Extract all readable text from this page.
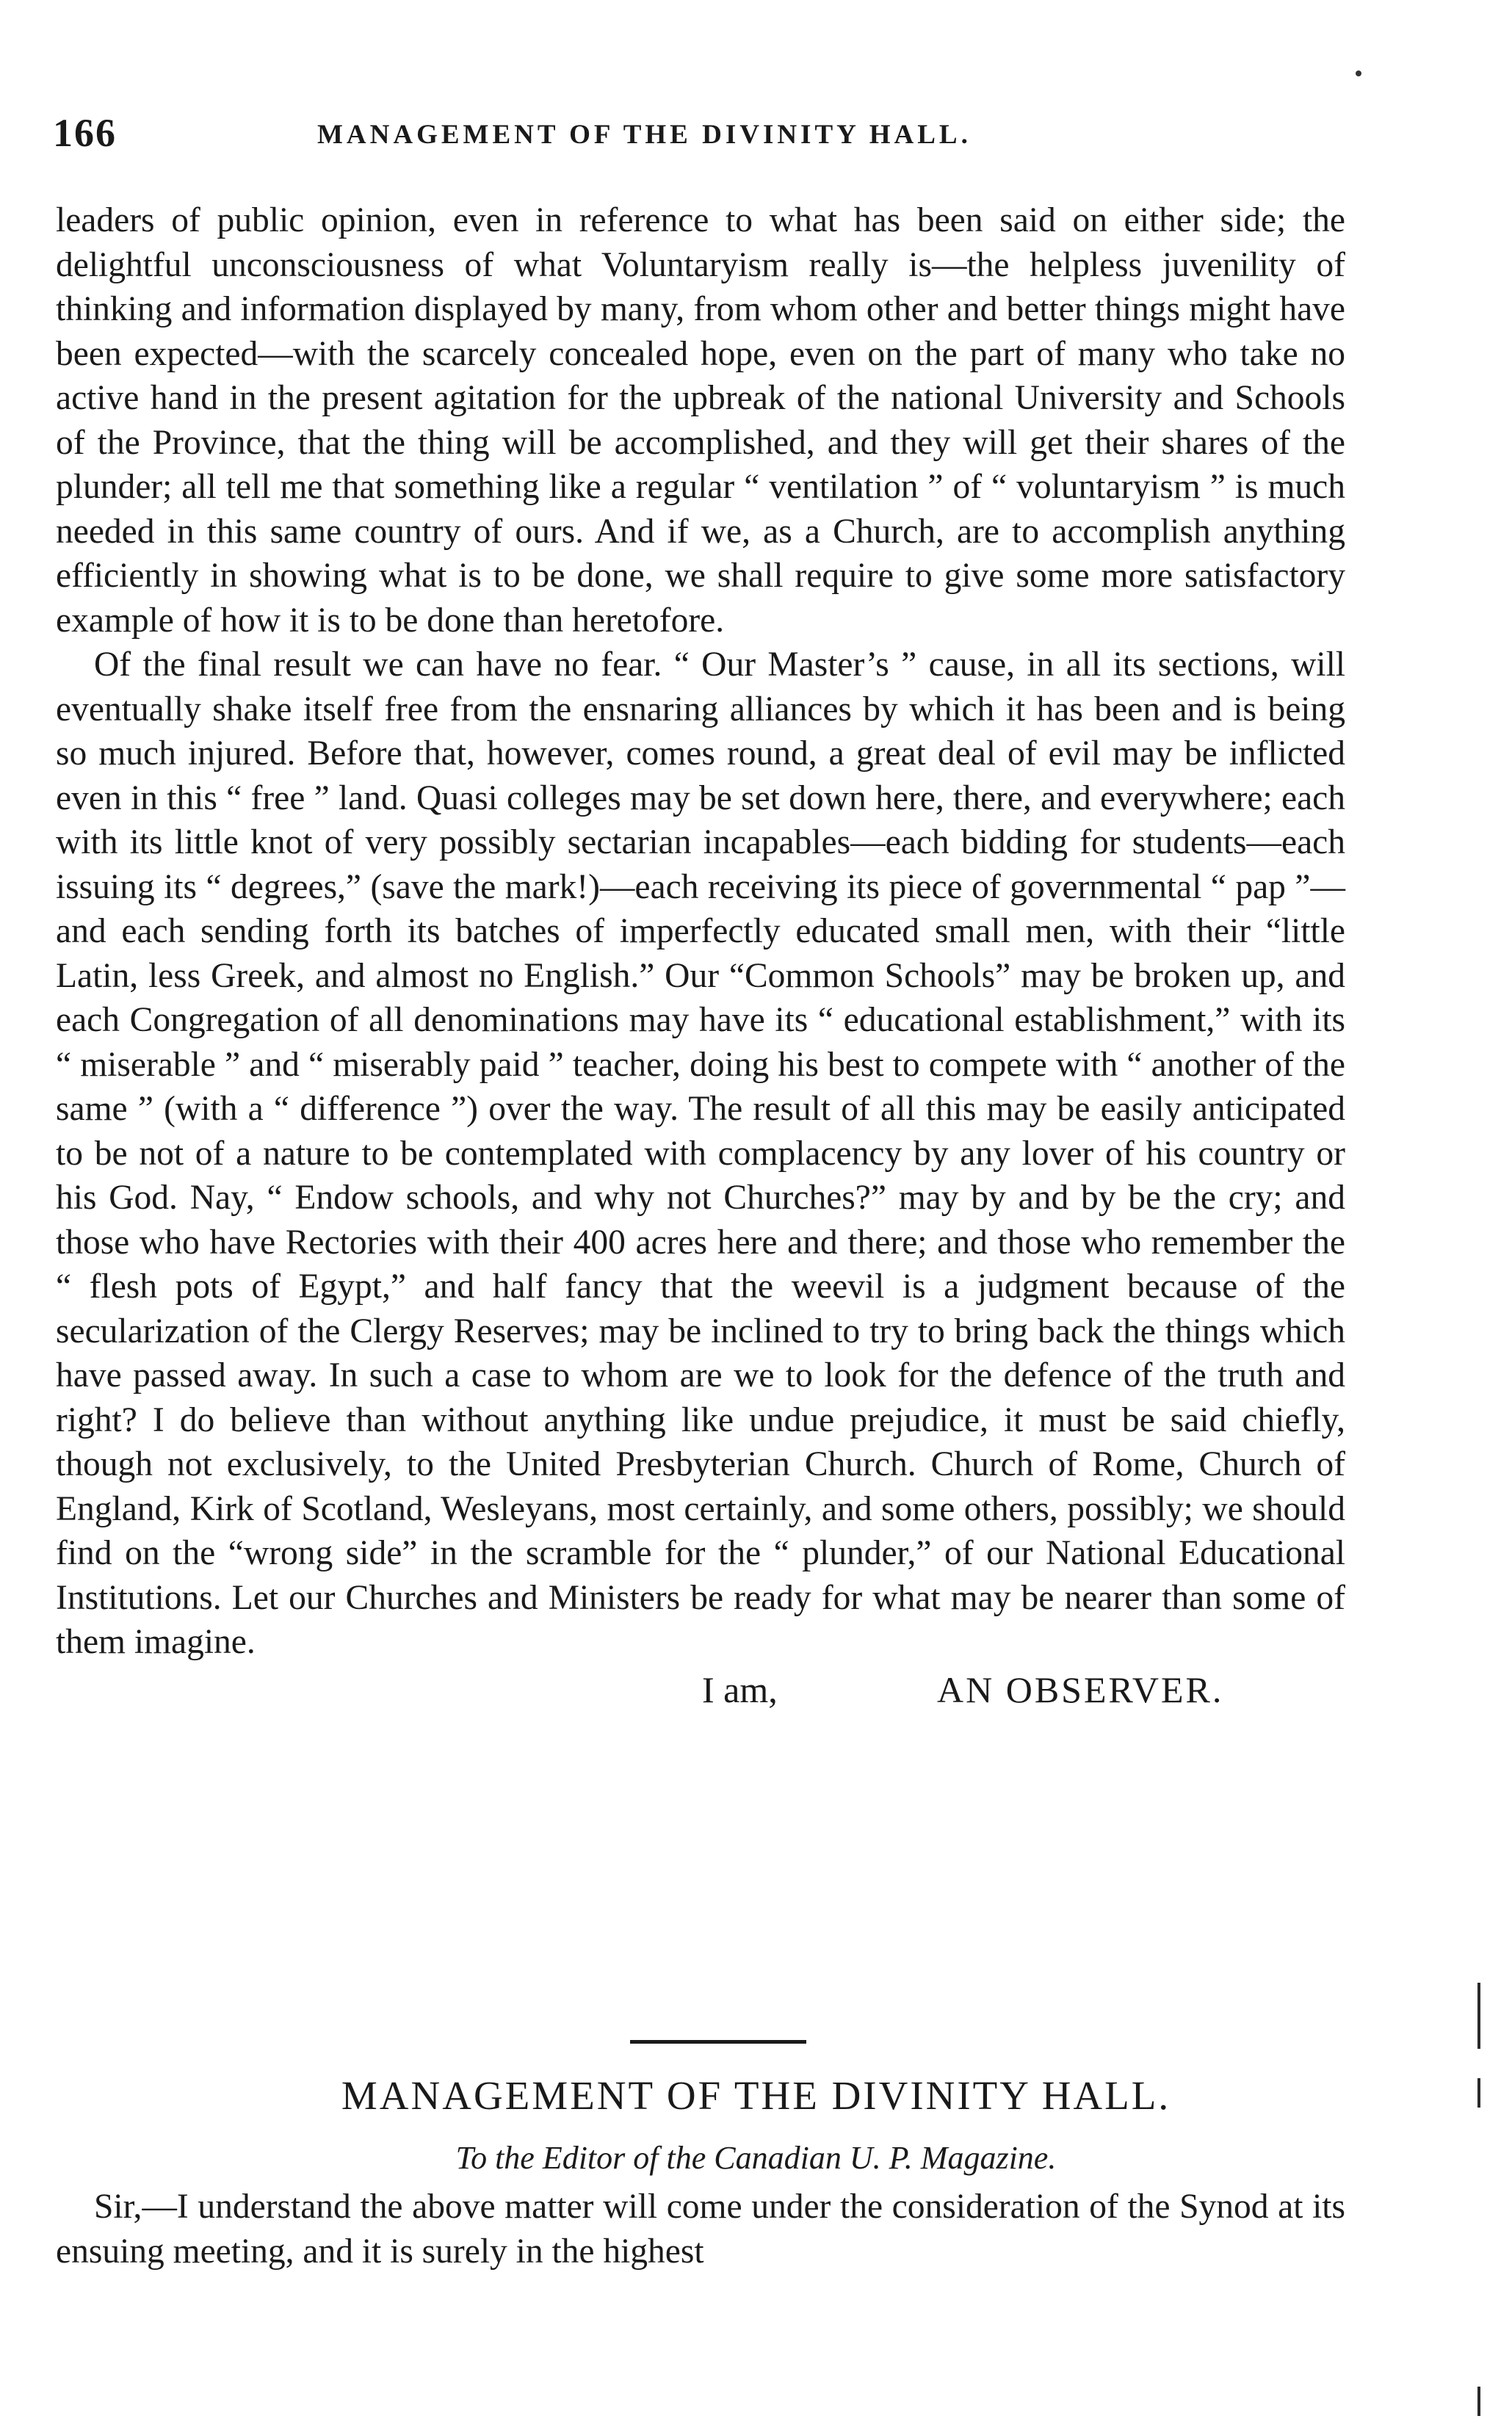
166	MANAGEMENT OF THE DIVINITY HALL.

leaders of public opinion, even in reference to what has been said on either side; the delightful unconsciousness of what Voluntaryism really is—the helpless juvenility of thinking and information displayed by many, from whom other and better things might have been expected—with the scarcely concealed hope, even on the part of many who take no active hand in the present agitation for the upbreak of the national University and Schools of the Province, that the thing will be accomplished, and they will get their shares of the plunder; all tell me that something like a regular “ ventilation ” of “ voluntaryism ” is much needed in this same country of ours. And if we, as a Church, are to accomplish anything efficiently in showing what is to be done, we shall require to give some more satisfactory example of how it is to be done than heretofore.

Of the final result we can have no fear. “ Our Master’s ” cause, in all its sections, will eventually shake itself free from the ensnaring alliances by which it has been and is being so much injured. Before that, however, comes round, a great deal of evil may be inflicted even in this “ free ” land. Quasi colleges may be set down here, there, and everywhere; each with its little knot of very possibly sectarian incapables—each bidding for students—each issuing its “ degrees,” (save the mark!)—each receiving its piece of governmental “ pap ”—and each sending forth its batches of imperfectly educated small men, with their “little Latin, less Greek, and almost no English.” Our “Common Schools” may be broken up, and each Congregation of all denominations may have its “ educational establishment,” with its “ miserable ” and “ miserably paid ” teacher, doing his best to compete with “ another of the same ” (with a “ difference ”) over the way. The result of all this may be easily anticipated to be not of a nature to be contemplated with complacency by any lover of his country or his God. Nay, “ Endow schools, and why not Churches?” may by and by be the cry; and those who have Rectories with their 400 acres here and there; and those who remember the “ flesh pots of Egypt,” and half fancy that the weevil is a judgment because of the secularization of the Clergy Reserves; may be inclined to try to bring back the things which have passed away. In such a case to whom are we to look for the defence of the truth and right? I do believe than without anything like undue prejudice, it must be said chiefly, though not exclusively, to the United Presbyterian Church. Church of Rome, Church of England, Kirk of Scotland, Wesleyans, most certainly, and some others, possibly; we should find on the “wrong side” in the scramble for the “ plunder,” of our National Educational Institutions. Let our Churches and Ministers be ready for what may be nearer than some of them imagine.

I am,	AN OBSERVER.
MANAGEMENT OF THE DIVINITY HALL.
To the Editor of the Canadian U. P. Magazine.
Sir,—I understand the above matter will come under the consideration of the Synod at its ensuing meeting, and it is surely in the highest
